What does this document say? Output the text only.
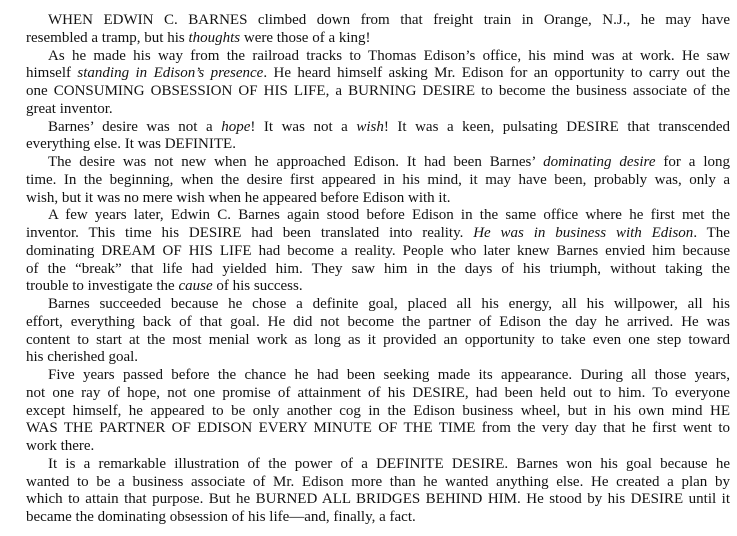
WHEN EDWIN C. BARNES climbed down from that freight train in Orange, N.J., he may have
resembled a tramp, but his thoughts were those of a king!
As he made his way from the railroad tracks to Thomas Edison’s office, his mind was at work. He saw
himself standing in Edison’s presence. He heard himself asking Mr. Edison for an opportunity to carry out the
one CONSUMING OBSESSION OF HIS LIFE, a BURNING DESIRE to become the business associate of the
great inventor.
Barnes’ desire was not a hope! It was not a wish! It was a keen, pulsating DESIRE that transcended
everything else. It was DEFINITE.
The desire was not new when he approached Edison. It had been Barnes’ dominating desire for a long
time. In the beginning, when the desire first appeared in his mind, it may have been, probably was, only a
wish, but it was no mere wish when he appeared before Edison with it.
A few years later, Edwin C. Barnes again stood before Edison in the same office where he first met the
inventor. This time his DESIRE had been translated into reality. He was in business with Edison. The
dominating DREAM OF HIS LIFE had become a reality. People who later knew Barnes envied him because
of the “break” that life had yielded him. They saw him in the days of his triumph, without taking the
trouble to investigate the cause of his success.
Barnes succeeded because he chose a definite goal, placed all his energy, all his willpower, all his
effort, everything back of that goal. He did not become the partner of Edison the day he arrived. He was
content to start at the most menial work as long as it provided an opportunity to take even one step toward
his cherished goal.
Five years passed before the chance he had been seeking made its appearance. During all those years,
not one ray of hope, not one promise of attainment of his DESIRE, had been held out to him. To everyone
except himself, he appeared to be only another cog in the Edison business wheel, but in his own mind HE
WAS THE PARTNER OF EDISON EVERY MINUTE OF THE TIME from the very day that he first went to
work there.
It is a remarkable illustration of the power of a DEFINITE DESIRE. Barnes won his goal because he
wanted to be a business associate of Mr. Edison more than he wanted anything else. He created a plan by
which to attain that purpose. But he BURNED ALL BRIDGES BEHIND HIM. He stood by his DESIRE until it
became the dominating obsession of his life—and, finally, a fact.
